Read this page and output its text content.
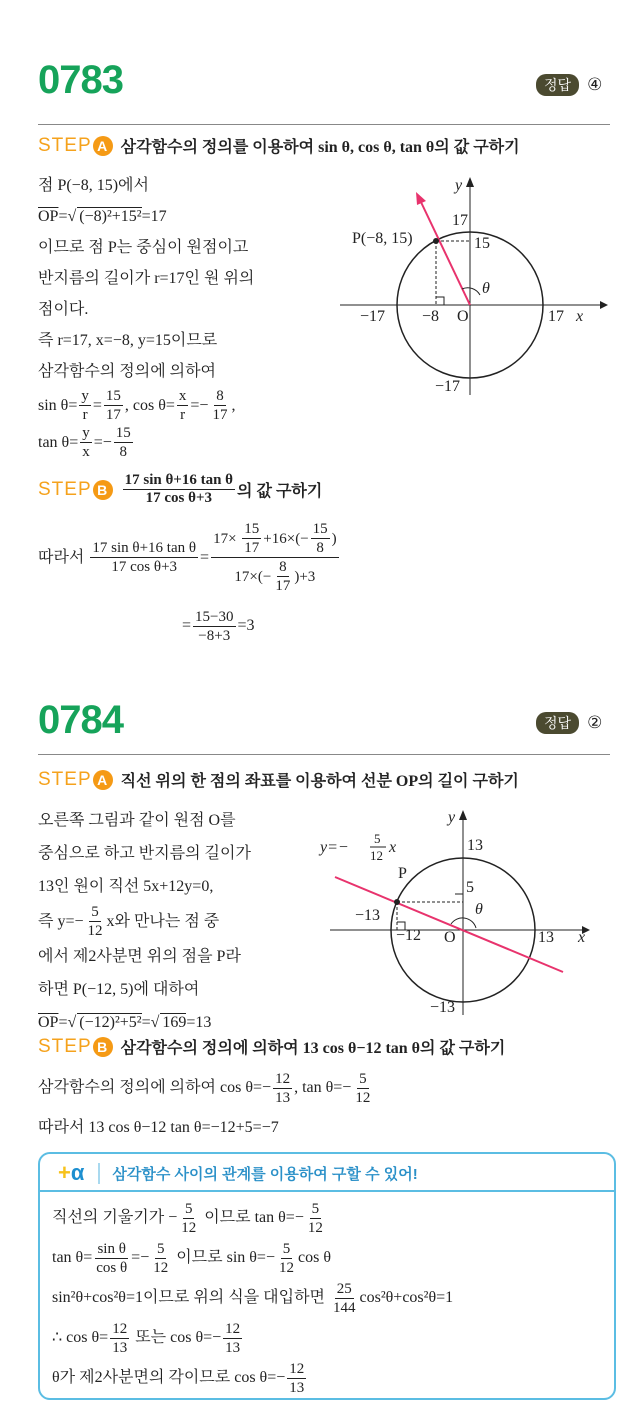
0783	정답 ④
STEP A 삼각함수의 정의를 이용하여 sin θ, cos θ, tan θ의 값 구하기
점 P(−8, 15)에서
$\overline{OP}$ = √ (−8)²+15² =17
이므로 점 P는 중심이 원점이고
반지름의 길이가 r=17인 원 위의
점이다.
즉 r=17, x=−8, y=15이므로
삼각함수의 정의에 의하여
$\sin \theta= \frac{y}{r} = \frac{15}{17}$ , $\cos \theta= \frac{x}{r} =- \frac{8}{17}$ ,
$\tan \theta= \frac{y}{x} =- \frac{15}{8}$
STEP B $\frac{\text{17 sin θ+16 tan θ}}{\text{17 cos θ+3}}$ 의 값 구하기
따라서 $\frac{\text{17 sin θ+16 tan θ}}{\text{17 cos θ+3}} = \frac{17\times \frac{15}{17} +16\times(- \frac{15}{8} )}{17\times(- \frac{8}{17} )+3}$
= $\frac{15-30}{-8+3} =3$
y
17
15
P(−8, 15)
θ
−17 −8 O	17 x
−17
0784	정답 ②
STEP A 직선 위의 한 점의 좌표를 이용하여 선분 OP의 길이 구하기
오른쪽 그림과 같이 원점 O를
중심으로 하고 반지름의 길이가
13인 원이 직선 5x+12y=0,
즉 $y=- \frac{5}{12}$ x와 만나는 점 중
에서 제2사분면 위의 점을 P라
하면 P(−12, 5)에 대하여
$\overline{OP}$ = √ (−12)²+5² = √ 169 =13
STEP B 삼각함수의 정의에 의하여 13 cos θ−12 tan θ의 값 구하기
삼각함수의 정의에 의하여 $\cos \theta=- \frac{12}{13}$ , $\tan \theta=- \frac{5}{12}$
따라서 13 cos θ−12 tan θ=−12+5=−7
y
y=−
5
12 x	13
P
5
−13	θ
−12 O	13 x
−13
+α	삼각함수 사이의 관계를 이용하여 구할 수 있어!
직선의 기울기가 − $\frac{5}{12}$ 이므로 $\tan \theta=- \frac{5}{12}$
$\tan \theta= \frac{\text{sin θ}}{\text{cos θ}} =- \frac{5}{12}$ 이므로 $\sin \theta=- \frac{5}{12}$ cos θ
sin²θ+cos²θ=1이므로 위의 식을 대입하면 $\frac{25}{144} \cos^2\theta+\cos^2\theta=1$
∴ $\cos \theta= \frac{12}{13}$ 또는 $\cos \theta=- \frac{12}{13}$
θ가 제2사분면의 각이므로 $\cos \theta=- \frac{12}{13}$
